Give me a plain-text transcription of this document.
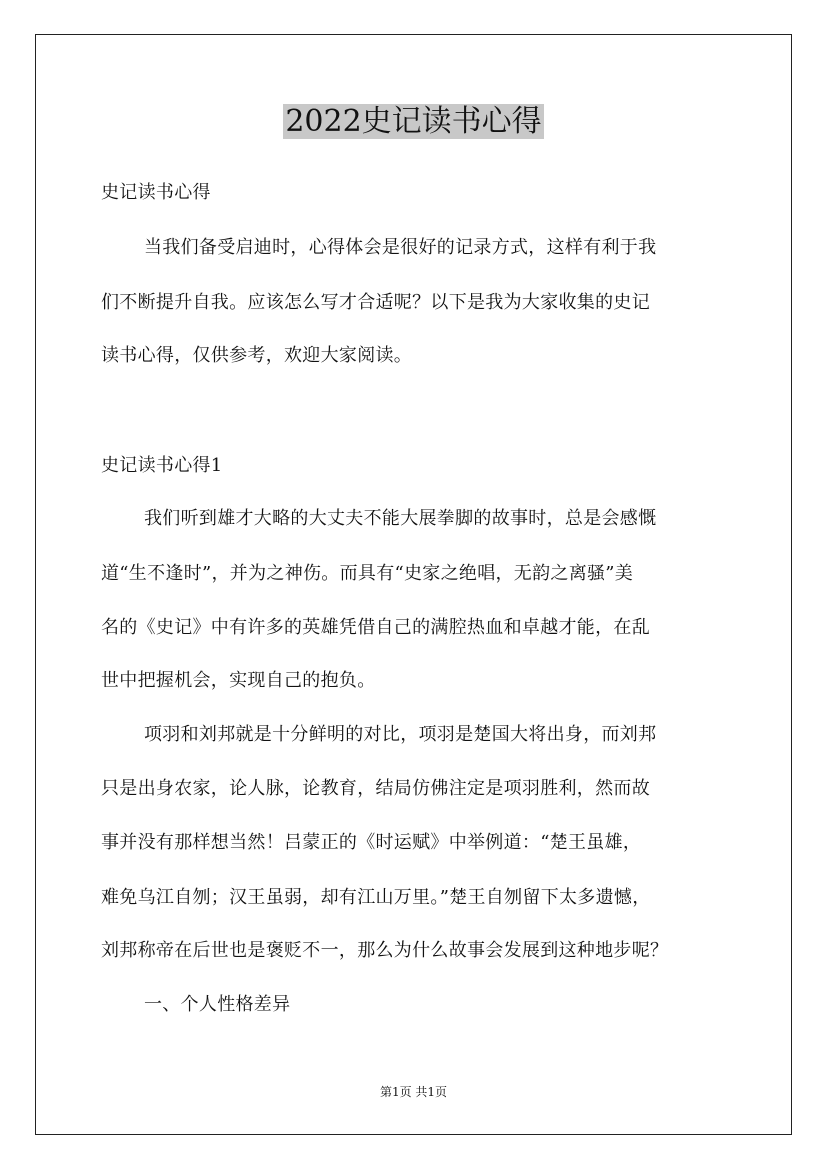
2022史记读书心得
史记读书心得
当我们备受启迪时，心得体会是很好的记录方式，这样有利于我
们不断提升自我。应该怎么写才合适呢？以下是我为大家收集的史记
读书心得，仅供参考，欢迎大家阅读。
史记读书心得1
我们听到雄才大略的大丈夫不能大展拳脚的故事时，总是会感慨
道“生不逢时”，并为之神伤。而具有“史家之绝唱，无韵之离骚”美
名的《史记》中有许多的英雄凭借自己的满腔热血和卓越才能，在乱
世中把握机会，实现自己的抱负。
项羽和刘邦就是十分鲜明的对比，项羽是楚国大将出身，而刘邦
只是出身农家，论人脉，论教育，结局仿佛注定是项羽胜利，然而故
事并没有那样想当然！吕蒙正的《时运赋》中举例道：“楚王虽雄，
难免乌江自刎；汉王虽弱，却有江山万里。”楚王自刎留下太多遗憾，
刘邦称帝在后世也是褒贬不一，那么为什么故事会发展到这种地步呢？
一、个人性格差异
第1页 共1页
